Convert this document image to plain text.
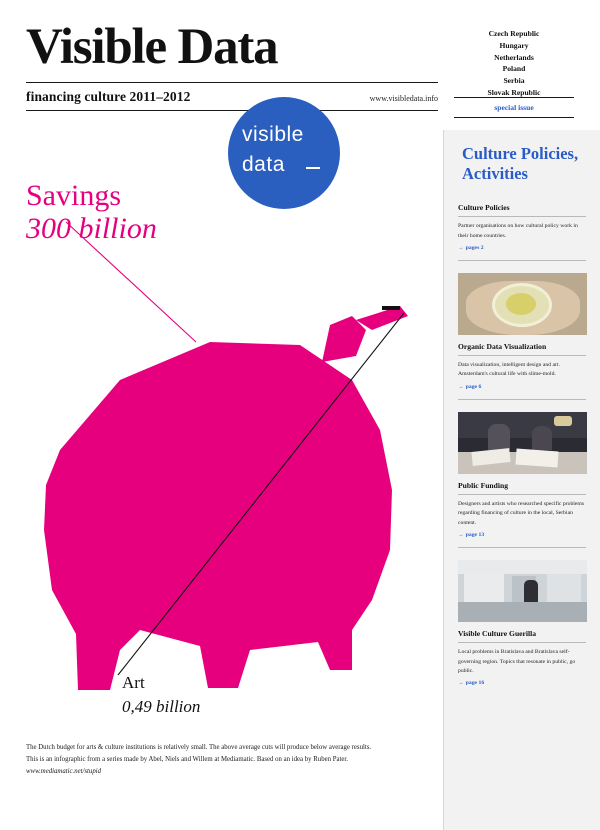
Visible Data
financing culture 2011–2012	www.visibledata.info
Czech Republic
Hungary
Netherlands
Poland
Serbia
Slovak Republic
special issue
visible
data
Savings
300 billion
Art
0,49 billion
Culture Policies, Activities
Culture Policies
Partner organisations on how cultural policy work in their home countries.
→ pages 2
Organic Data Visualization
Data visualization, intelligent design and art. Amsterdam's cultural life with slime-mold.
→ page 6
Public Funding
Designers and artists who researched specific problems regarding financing of culture in the local, Serbian content.
→ page 13
Visible Culture Guerilla
Local problems in Bratislava and Bratislava self-governing region. Topics that resonate in public, go public.
→ page 16
The Dutch budget for arts & culture institutions is relatively small. The above average cuts will produce below average results.
This is an infographic from a series made by Abel, Niels and Willem at Mediamatic. Based on an idea by Ruben Pater.
www.mediamatic.net/stupid
